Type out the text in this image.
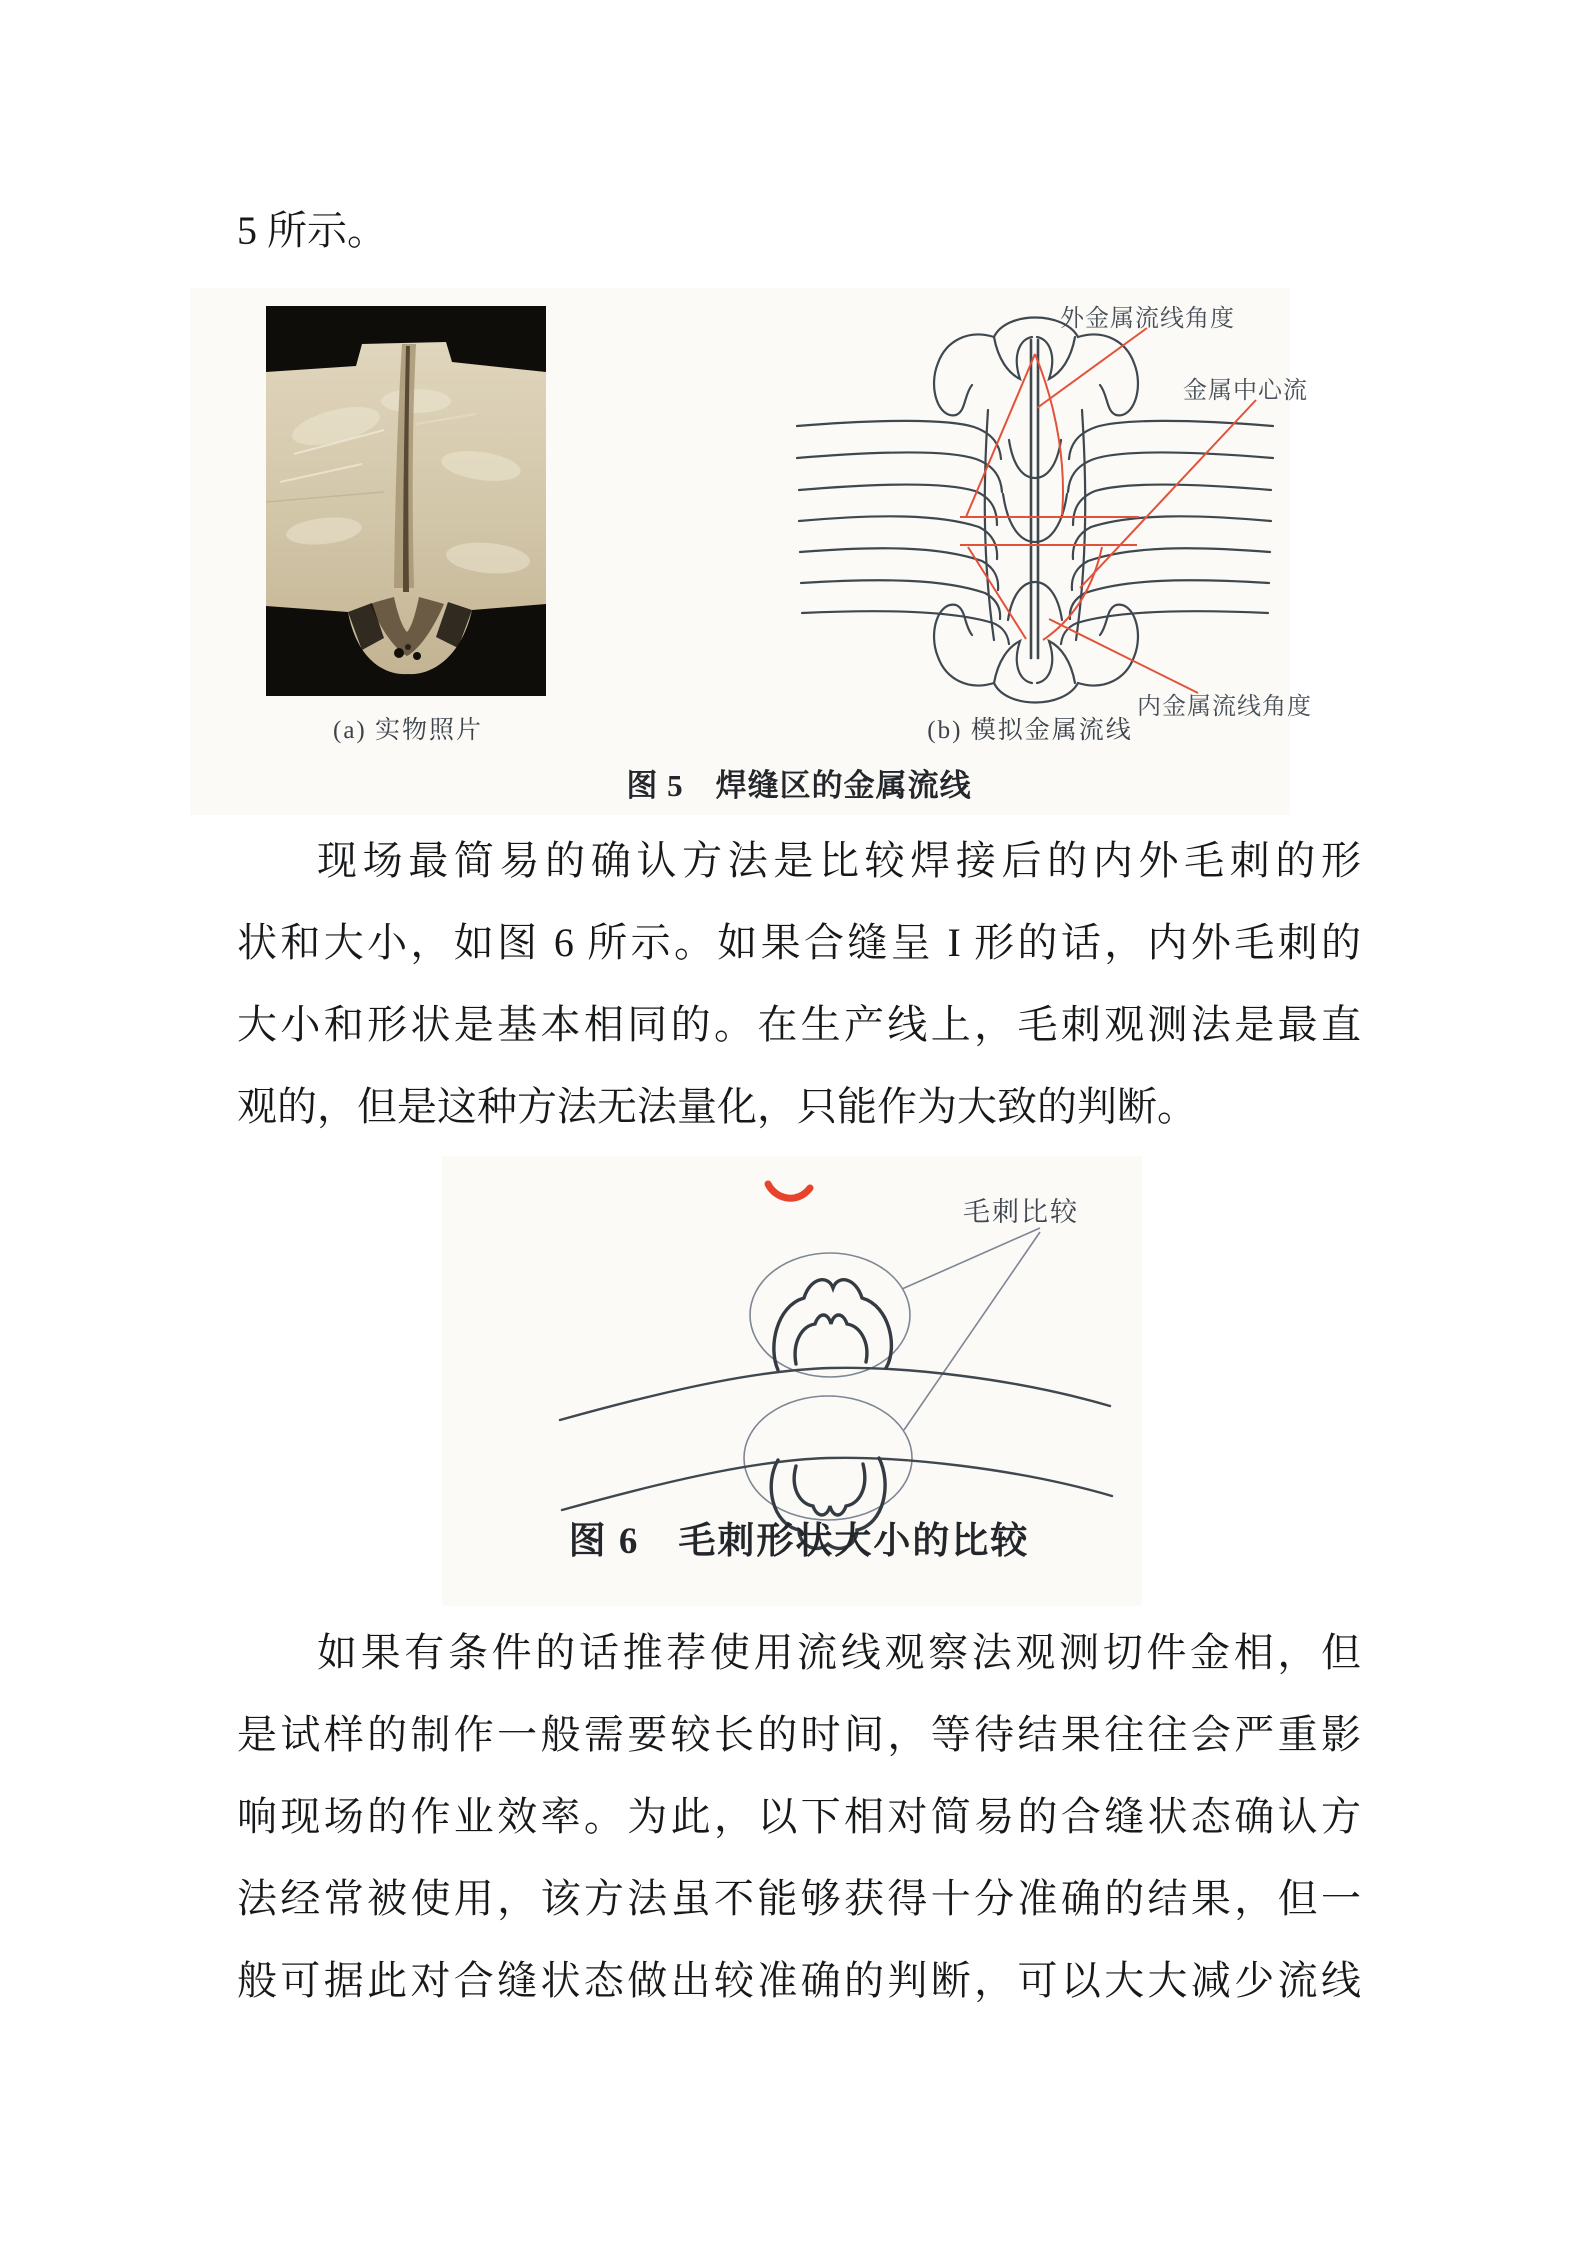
5 所示。
外金属流线角度
金属中心流
内金属流线角度
(a) 实物照片	(b) 模拟金属流线
图 5　焊缝区的金属流线
现场最简易的确认方法是比较焊接后的内外毛刺的形
状和大小，如图 6 所示。如果合缝呈 I 形的话，内外毛刺的
大小和形状是基本相同的。在生产线上，毛刺观测法是最直
观的，但是这种方法无法量化，只能作为大致的判断。
毛刺比较
图 6　毛刺形状大小的比较
如果有条件的话推荐使用流线观察法观测切件金相，但
是试样的制作一般需要较长的时间，等待结果往往会严重影
响现场的作业效率。为此，以下相对简易的合缝状态确认方
法经常被使用，该方法虽不能够获得十分准确的结果，但一
般可据此对合缝状态做出较准确的判断，可以大大减少流线
